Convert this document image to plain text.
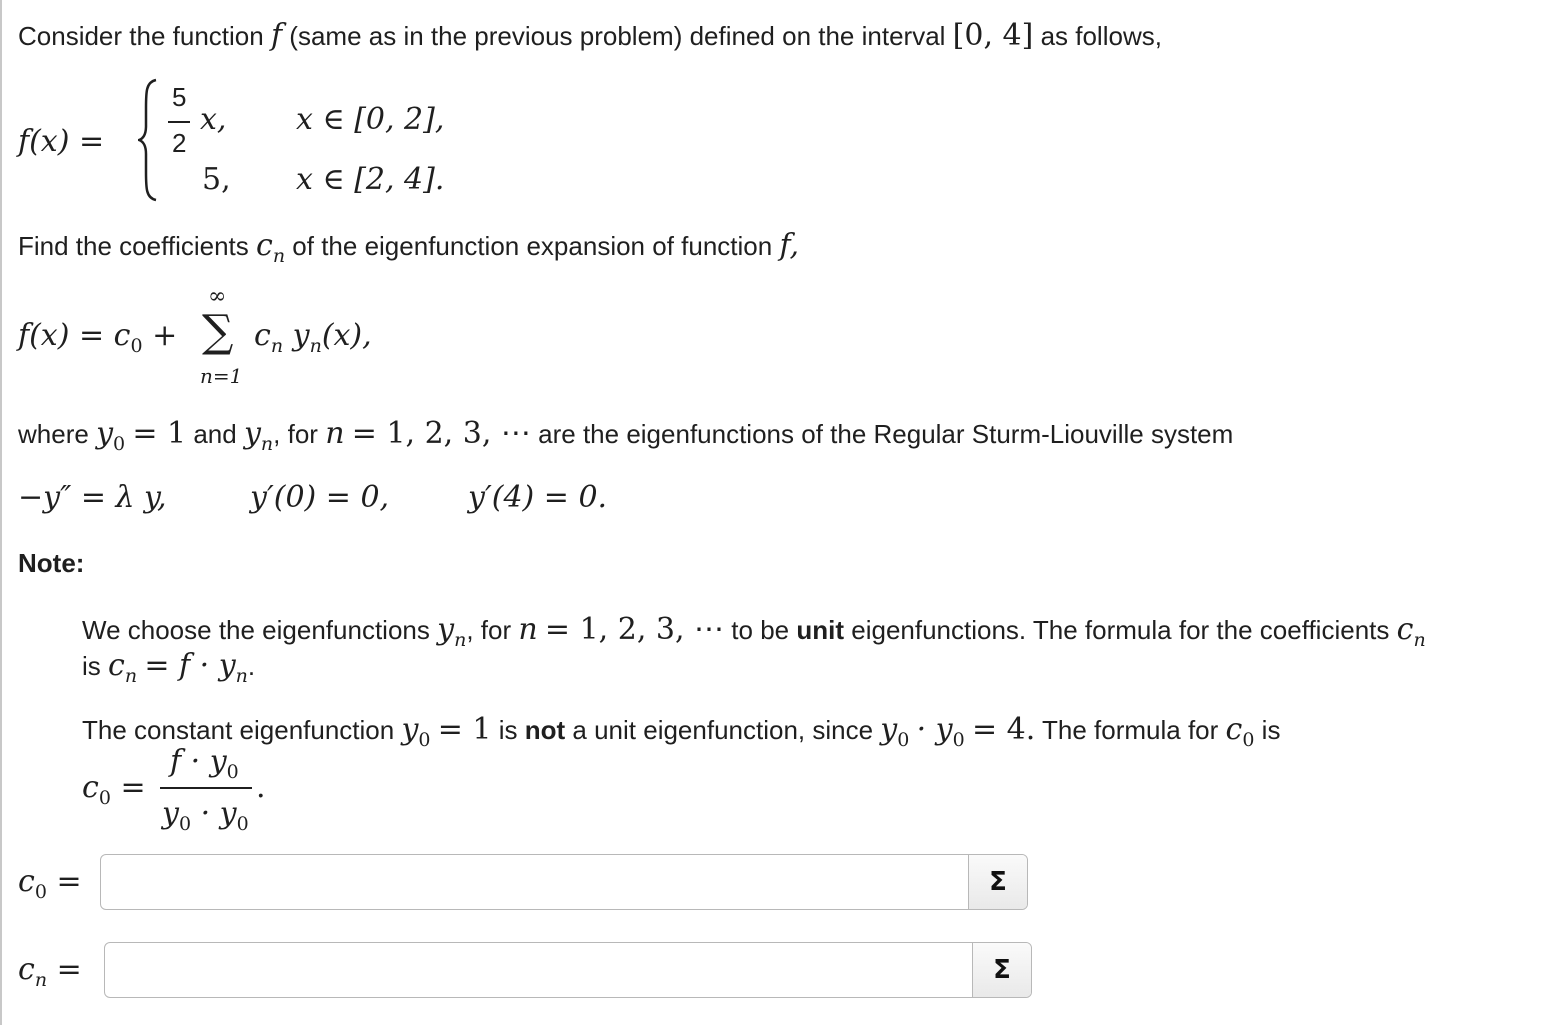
Consider the function f (same as in the previous problem) defined on the interval [0, 4] as follows,
f(x) =
5
2
x, x ∈ [0, 2],
5, x ∈ [2, 4].
Find the coefficients $c_n$ of the eigenfunction expansion of function f,
$f(x) = c_0$ +
∞
∑
n=1
$c_n$ $y_n(x)$,
where $y_0 = 1$ and $y_n$, for n = 1, 2, 3, ⋯ are the eigenfunctions of the Regular Sturm-Liouville system
−y″ = λ y,	y′(0) = 0,	y′(4) = 0.
Note:
We choose the eigenfunctions $y_n$, for n = 1, 2, 3, ⋯ to be unit eigenfunctions. The formula for the coefficients $c_n$
is $c_n = f \cdot y_n$.
The constant eigenfunction $y_0 = 1$ is not a unit eigenfunction, since $y_0 \cdot y_0 = 4$. The formula for $c_0$ is
$c_0$ =
$f \cdot y_0$
$y_0 \cdot y_0$
.
$c_0$ =	Σ
$c_n$ =	Σ
